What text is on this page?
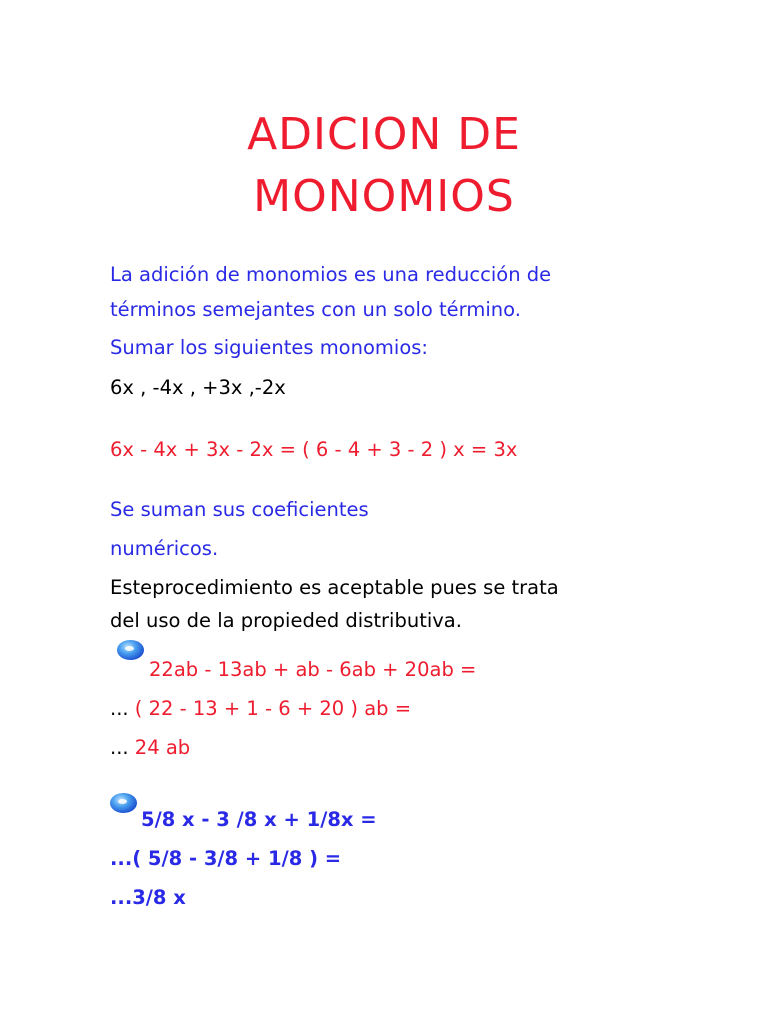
ADICION DE
MONOMIOS

La adición de monomios es una reducción de

términos semejantes con un solo término.

Sumar los siguientes monomios:

6x , -4x , +3x ,-2x

6x - 4x + 3x - 2x = ( 6 - 4 + 3 - 2 ) x = 3x

Se suman sus coeficientes

numéricos.

Esteprocedimiento es aceptable pues se trata

del uso de la propieded distributiva.

22ab - 13ab + ab - 6ab + 20ab =

... ( 22 - 13 + 1 - 6 + 20 ) ab =

... 24 ab

5/8 x - 3 /8 x + 1/8x =

...( 5/8 - 3/8 + 1/8 ) =

...3/8 x
